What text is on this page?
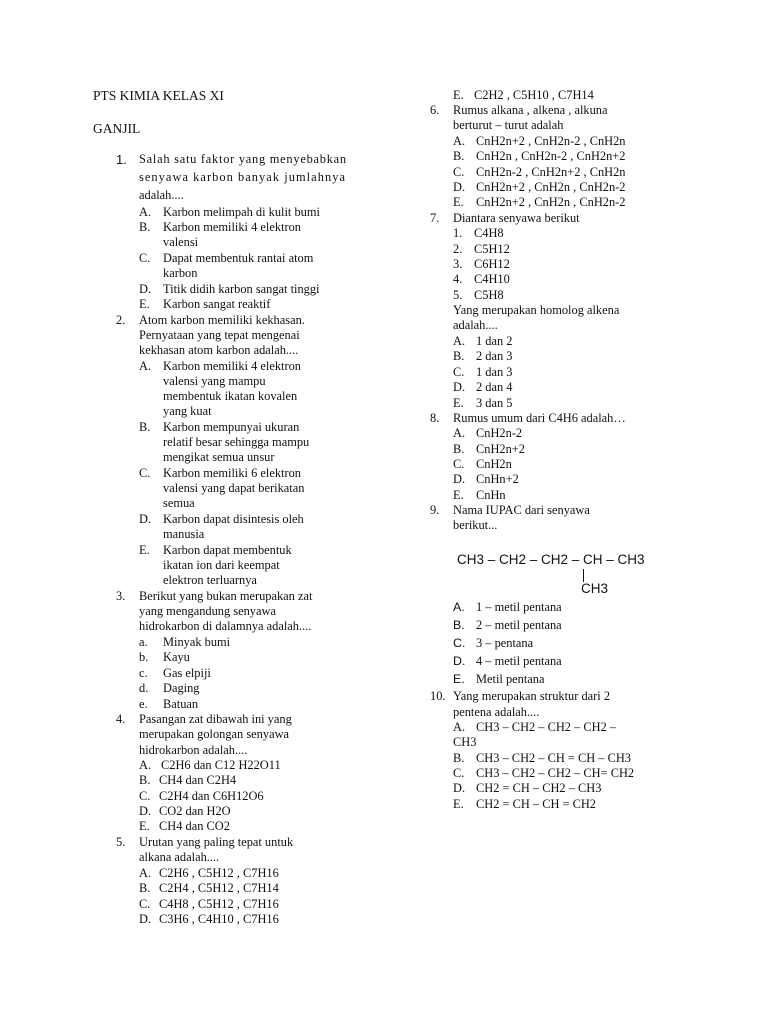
PTS KIMIA KELAS XI
GANJIL
1. Salah satu faktor yang menyebabkan
senyawa karbon banyak jumlahnya
adalah....
A. Karbon melimpah di kulit bumi
B. Karbon memiliki 4 elektron
valensi
C. Dapat membentuk rantai atom
karbon
D. Titik didih karbon sangat tinggi
E. Karbon sangat reaktif
2. Atom karbon memiliki kekhasan.
Pernyataan yang tepat mengenai
kekhasan atom karbon adalah....
A. Karbon memiliki 4 elektron
valensi yang mampu
membentuk ikatan kovalen
yang kuat
B. Karbon mempunyai ukuran
relatif besar sehingga mampu
mengikat semua unsur
C. Karbon memiliki 6 elektron
valensi yang dapat berikatan
semua
D. Karbon dapat disintesis oleh
manusia
E. Karbon dapat membentuk
ikatan ion dari keempat
elektron terluarnya
3. Berikut yang bukan merupakan zat
yang mengandung senyawa
hidrokarbon di dalamnya adalah....
a. Minyak bumi
b. Kayu
c. Gas elpiji
d. Daging
e. Batuan
4. Pasangan zat dibawah ini yang
merupakan golongan senyawa
hidrokarbon adalah....
A. C2H6 dan C12 H22O11
B. CH4 dan C2H4
C. C2H4 dan C6H12O6
D. CO2 dan H2O
E. CH4 dan CO2
5. Urutan yang paling tepat untuk
alkana adalah....
A. C2H6 , C5H12 , C7H16
B. C2H4 , C5H12 , C7H14
C. C4H8 , C5H12 , C7H16
D. C3H6 , C4H10 , C7H16
E. C2H2 , C5H10 , C7H14
6. Rumus alkana , alkena , alkuna
berturut – turut adalah
A. CnH2n+2 , CnH2n-2 , CnH2n
B. CnH2n , CnH2n-2 , CnH2n+2
C. CnH2n-2 , CnH2n+2 , CnH2n
D. CnH2n+2 , CnH2n , CnH2n-2
E. CnH2n+2 , CnH2n , CnH2n-2
7. Diantara senyawa berikut
1. C4H8
2. C5H12
3. C6H12
4. C4H10
5. C5H8
Yang merupakan homolog alkena
adalah....
A. 1 dan 2
B. 2 dan 3
C. 1 dan 3
D. 2 dan 4
E. 3 dan 5
8. Rumus umum dari C4H6 adalah…
A. CnH2n-2
B. CnH2n+2
C. CnH2n
D. CnHn+2
E. CnHn
9. Nama IUPAC dari senyawa
berikut...
A. 1 – metil pentana
B. 2 – metil pentana
C. 3 – pentana
D. 4 – metil pentana
E. Metil pentana
10. Yang merupakan struktur dari 2
pentena adalah....
A. CH3 – CH2 – CH2 – CH2 –
CH3
B. CH3 – CH2 – CH = CH – CH3
C. CH3 – CH2 – CH2 – CH= CH2
D. CH2 = CH – CH2 – CH3
E. CH2 = CH – CH = CH2
CH3 – CH2 – CH2 – CH – CH3
CH3
